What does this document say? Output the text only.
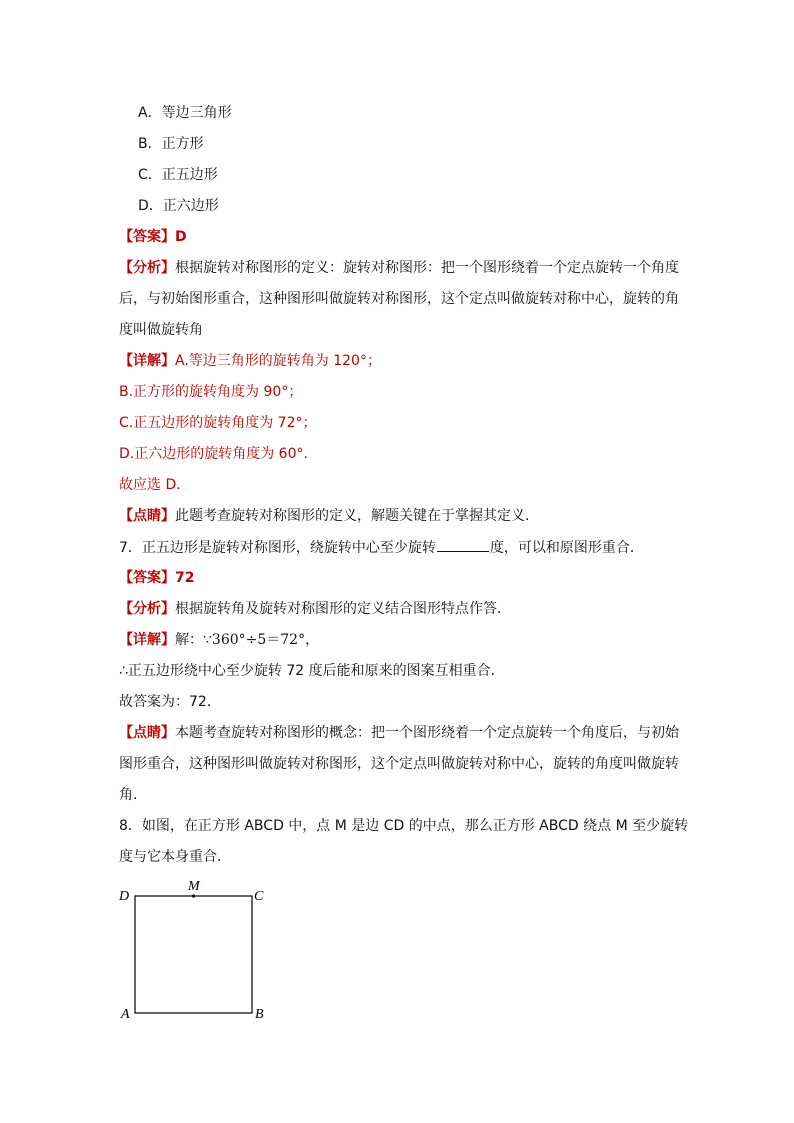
A．等边三角形
B．正方形
C．正五边形
D．正六边形
【答案】D
【分析】根据旋转对称图形的定义：旋转对称图形：把一个图形绕着一个定点旋转一个角度
后，与初始图形重合，这种图形叫做旋转对称图形，这个定点叫做旋转对称中心，旋转的角
度叫做旋转角
【详解】A.等边三角形的旋转角为 120°；
B.正方形的旋转角度为 90°；
C.正五边形的旋转角度为 72°；
D.正六边形的旋转角度为 60°.
故应选 D.
【点睛】此题考查旋转对称图形的定义，解题关键在于掌握其定义.
7．正五边形是旋转对称图形，绕旋转中心至少旋转	度，可以和原图形重合．
【答案】72
【分析】根据旋转角及旋转对称图形的定义结合图形特点作答．
【详解】解：∵360°÷5＝72°，
∴正五边形绕中心至少旋转 72 度后能和原来的图案互相重合．
故答案为：72．
【点睛】本题考查旋转对称图形的概念：把一个图形绕着一个定点旋转一个角度后，与初始
图形重合，这种图形叫做旋转对称图形，这个定点叫做旋转对称中心，旋转的角度叫做旋转
角．
8．如图，在正方形 ABCD 中，点 M 是边 CD 的中点，那么正方形 ABCD 绕点 M 至少旋转
度与它本身重合．
D
M
C
A	B
